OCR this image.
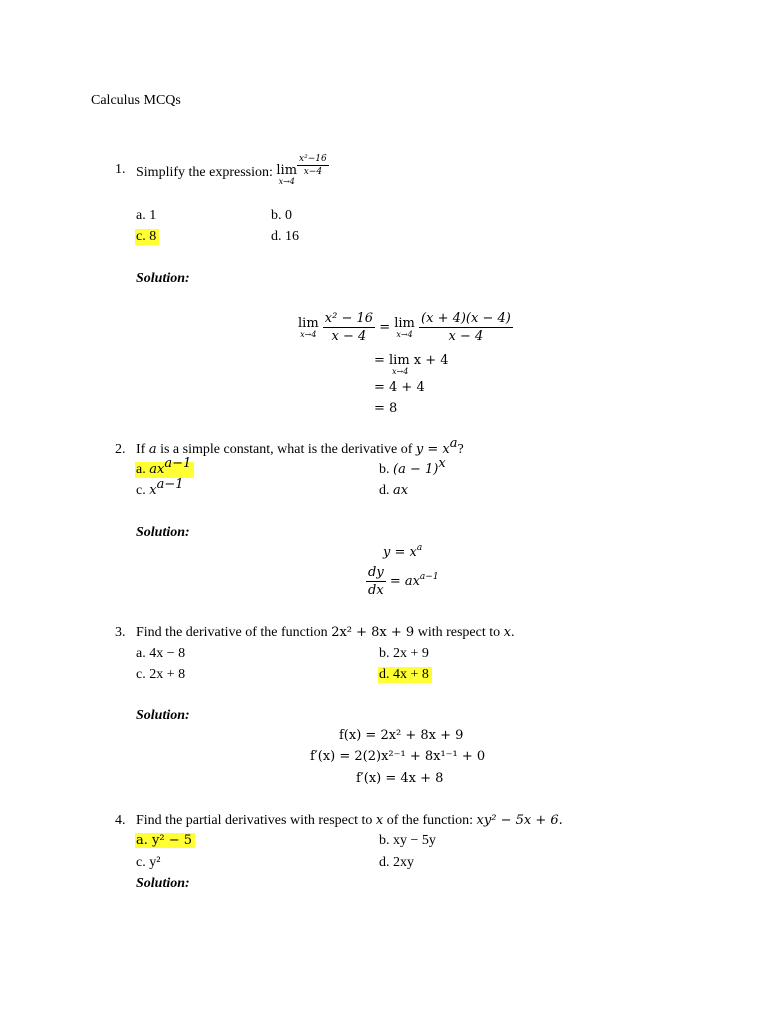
Calculus MCQs
1. Simplify the expression: lim
x→4
$\frac{\text{x²−16}}{x-4}$
a. 1	b. 0
c. 8	d. 16
Solution:
lim
x→4
$\frac{\text{x² − 16}}{x - 4} = \lim$
x→4
$\frac{(x + 4)(x - 4)}{x - 4}$
= lim x + 4
x→4
= 4 + 4
= 8
2. If a is a simple constant, what is the derivative of $y = x^a$?
a. $ax^{a-1}$	b. $(a - 1)^x$
c. $x^{a-1}$	d. ax
Solution:
$y = x^a$
$\frac{dy}{dx} = ax^{a-1}$
3. Find the derivative of the function 2x² + 8x + 9 with respect to x.
a. 4x − 8	b. 2x + 9
c. 2x + 8	d. 4x + 8
Solution:
f(x) = 2x² + 8x + 9
f′(x) = 2(2)x²⁻¹ + 8x¹⁻¹ + 0
f′(x) = 4x + 8
4. Find the partial derivatives with respect to x of the function: xy² − 5x + 6.
a. y² − 5	b. xy − 5y
c. y²	d. 2xy
Solution:
